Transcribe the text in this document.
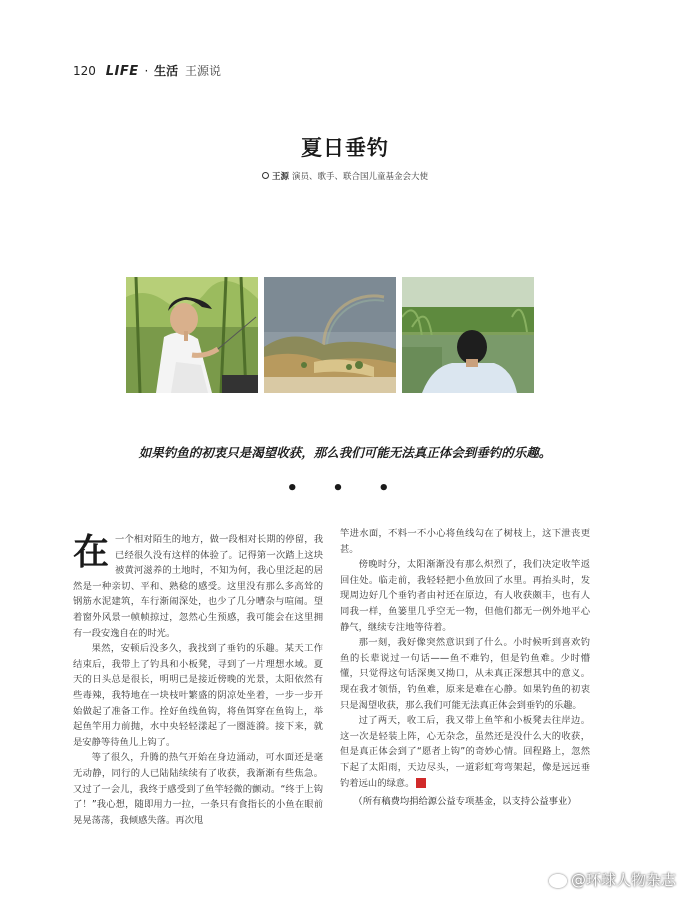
120 LIFE · 生活 王源说
夏日垂钓
王源 演员、歌手、联合国儿童基金会大使
如果钓鱼的初衷只是渴望收获，那么我们可能无法真正体会到垂钓的乐趣。
• • •

在一个相对陌生的地方，做一段相对长期的停留，我已经很久没有这样的体验了。记得第一次踏上这块被黄河滋养的土地时，不知为何，我心里泛起的居然是一种亲切、平和、熟稔的感受。这里没有那么多高耸的钢筋水泥建筑，车行渐闹深处，也少了几分嘈杂与喧闹。望着窗外风景一帧帧掠过，忽然心生预感，我可能会在这里拥有一段安逸自在的时光。

果然，安顿后没多久，我找到了垂钓的乐趣。某天工作结束后，我带上了钓具和小板凳，寻到了一片理想水域。夏天的日头总是很长，明明已是接近傍晚的光景，太阳依然有些毒辣，我特地在一块枝叶繁盛的阴凉处坐着，一步一步开始做起了准备工作。拴好鱼线鱼钩，将鱼饵穿在鱼钩上，举起鱼竿用力前抛，水中央轻轻漾起了一圈涟漪。接下来，就是安静等待鱼儿上钩了。

等了很久，升腾的热气开始在身边涌动，可水面还是毫无动静，同行的人已陆陆续续有了收获，我渐渐有些焦急。又过了一会儿，我终于感受到了鱼竿轻微的颤动。“终于上钩了！”我心想，随即用力一拉，一条只有食指长的小鱼在眼前晃晃荡荡，我倾感失落。再次甩

竿进水面，不料一不小心将鱼线勾在了树枝上，这下泄丧更甚。

傍晚时分，太阳渐渐没有那么炽烈了，我们决定收竿返回住处。临走前，我轻轻把小鱼放回了水里。再抬头时，发现周边好几个垂钓者由衬还在原边，有人收获颇丰，也有人同我一样，鱼篓里几乎空无一物，但他们都无一例外地平心静气，继续专注地等待着。

那一刻，我好像突然意识到了什么。小时候听到喜欢钓鱼的长辈说过一句话——鱼不难钓，但是钓鱼难。少时懵懂，只觉得这句话深奥又拗口，从未真正深想其中的意义。现在我才领悟，钓鱼难，原来是难在心静。如果钓鱼的初衷只是渴望收获，那么我们可能无法真正体会到垂钓的乐趣。

过了两天，收工后，我又带上鱼竿和小板凳去往岸边。这一次是轻装上阵，心无杂念，虽然还是没什么大的收获，但是真正体会到了“愿者上钩”的奇妙心情。回程路上，忽然下起了太阳雨，天边尽头，一道彩虹弯弯架起，像是远远垂钓着远山的绿意。	G

（所有稿费均捐给源公益专项基金，以支持公益事业）

@环球人物杂志
